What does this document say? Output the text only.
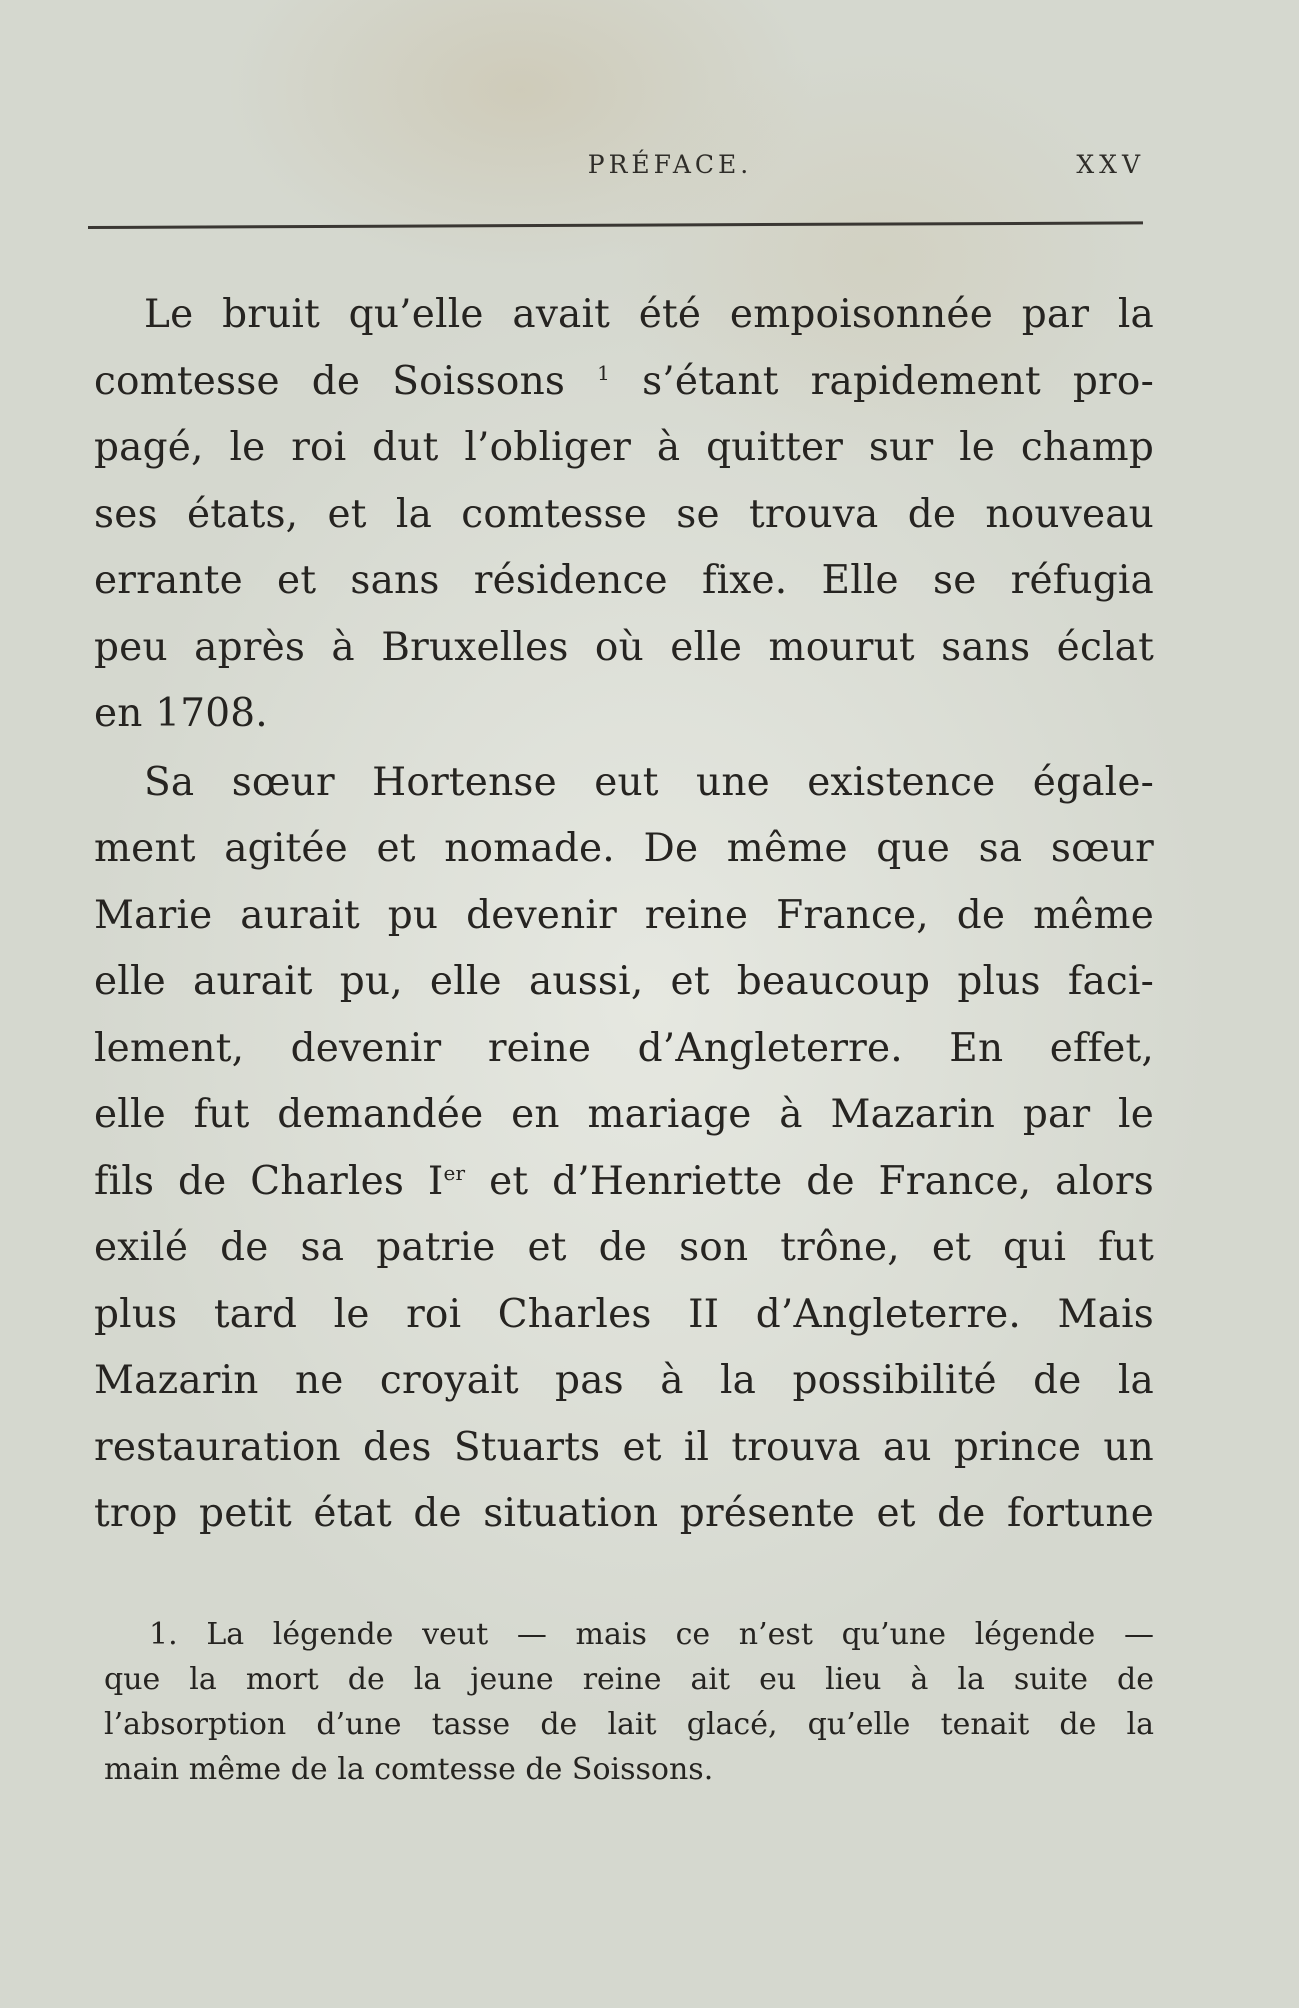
PRÉFACE.	XXV
Le bruit qu’elle avait été empoisonnée par la
comtesse de Soissons $^1$ s’étant rapidement pro-
pagé, le roi dut l’obliger à quitter sur le champ
ses états, et la comtesse se trouva de nouveau
errante et sans résidence fixe. Elle se réfugia
peu après à Bruxelles où elle mourut sans éclat
en 1708.
Sa sœur Hortense eut une existence égale-
ment agitée et nomade. De même que sa sœur
Marie aurait pu devenir reine France, de même
elle aurait pu, elle aussi, et beaucoup plus faci-
lement, devenir reine d’Angleterre. En effet,
elle fut demandée en mariage à Mazarin par le
fils de Charles Ier et d’Henriette de France, alors
exilé de sa patrie et de son trône, et qui fut
plus tard le roi Charles II d’Angleterre. Mais
Mazarin ne croyait pas à la possibilité de la
restauration des Stuarts et il trouva au prince un
trop petit état de situation présente et de fortune
1. La légende veut — mais ce n’est qu’une légende —
que la mort de la jeune reine ait eu lieu à la suite de
l’absorption d’une tasse de lait glacé, qu’elle tenait de la
main même de la comtesse de Soissons.
